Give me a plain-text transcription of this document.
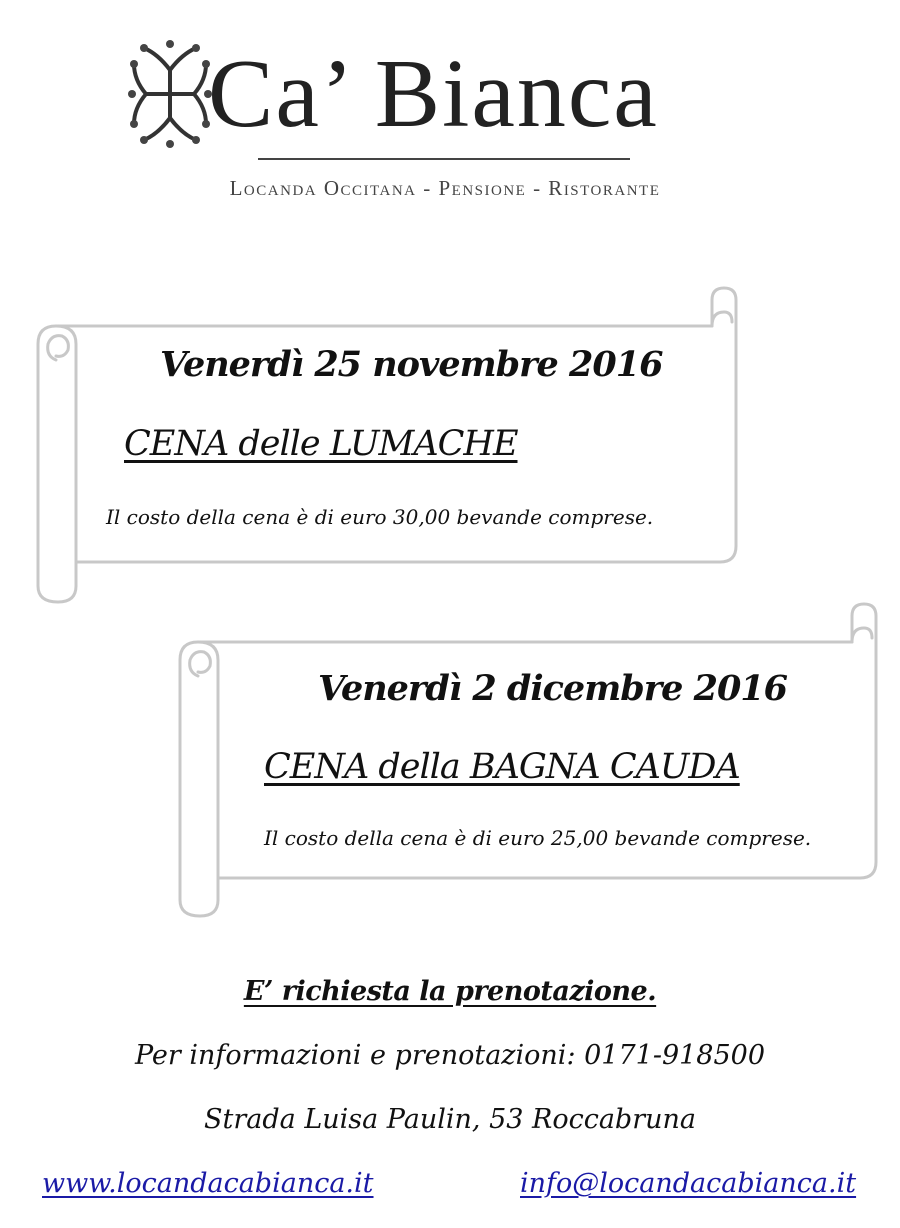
Ca’ Bianca
Locanda Occitana - Pensione - Ristorante
Venerdì 25 novembre 2016
CENA delle LUMACHE
Il costo della cena è di euro 30,00 bevande comprese.
Venerdì 2 dicembre 2016
CENA della BAGNA CAUDA
Il costo della cena è di euro 25,00 bevande comprese.
E’ richiesta la prenotazione.
Per informazioni e prenotazioni: 0171-918500
Strada Luisa Paulin, 53 Roccabruna
www.locandacabianca.it	info@locandacabianca.it
